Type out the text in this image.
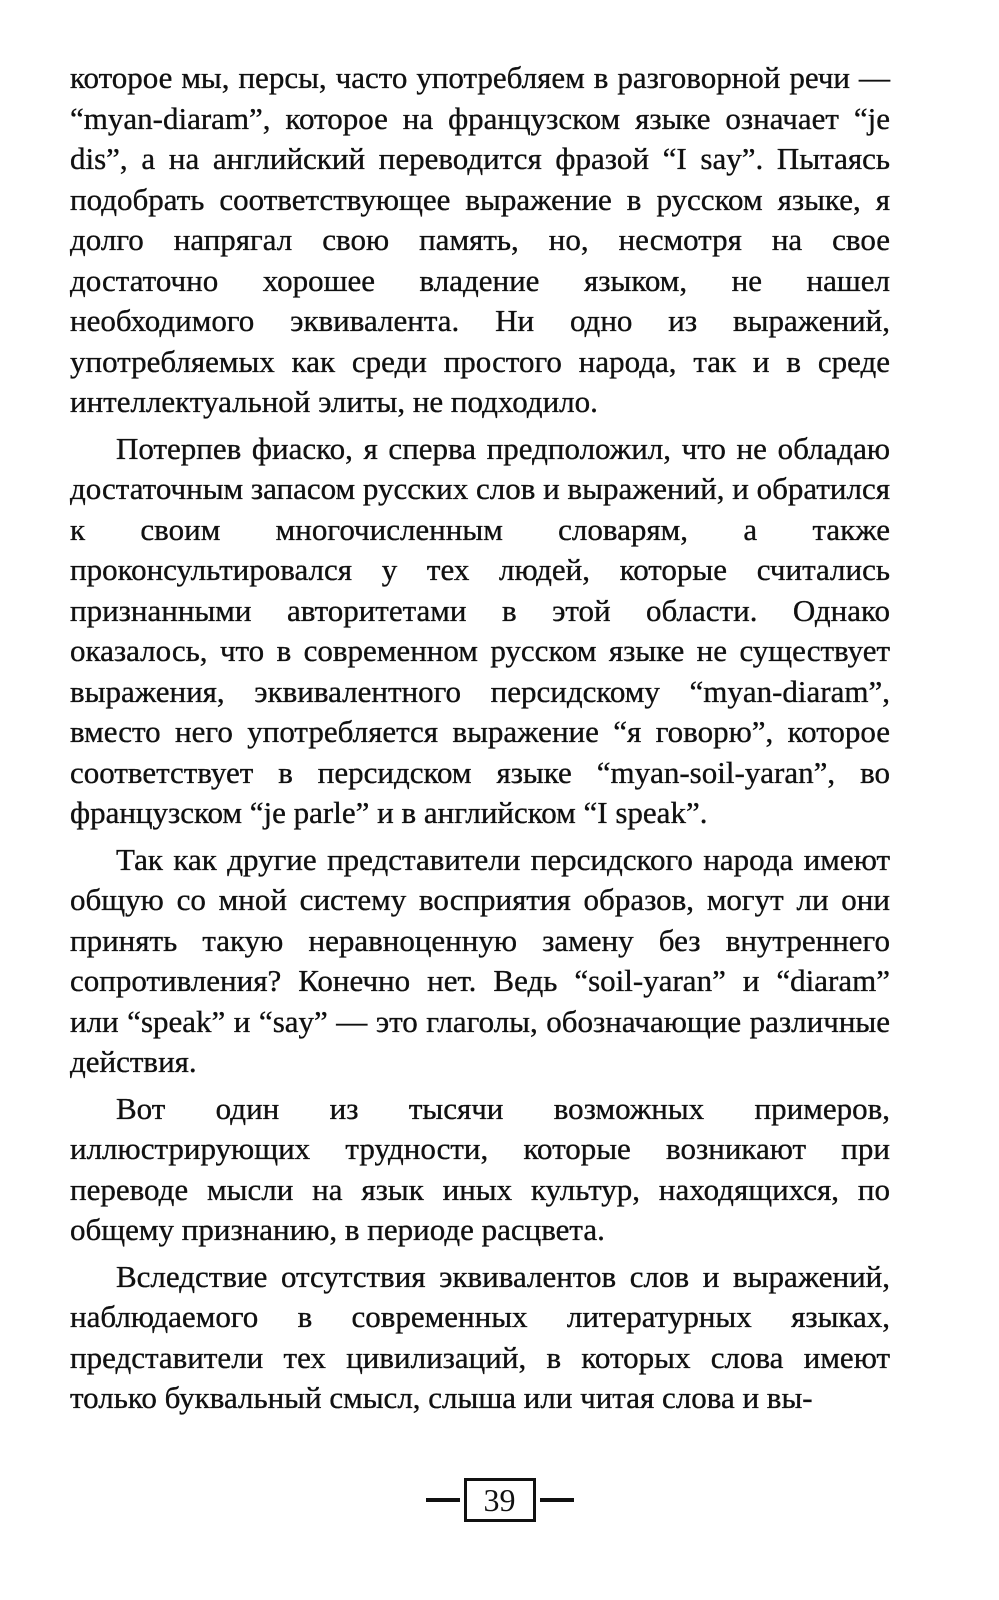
которое мы, персы, часто употребляем в разговорной речи — “myan-diaram”, которое на французском языке означает “je dis”, а на английский переводится фразой “I say”. Пытаясь подобрать соответствующее выражение в русском языке, я долго напрягал свою память, но, несмотря на свое достаточно хорошее владение языком, не нашел необходимого эквивалента. Ни одно из выражений, употребляемых как среди простого народа, так и в среде интеллектуальной элиты, не подходило.

Потерпев фиаско, я сперва предположил, что не обладаю достаточным запасом русских слов и выражений, и обратился к своим многочисленным словарям, а также проконсультировался у тех людей, которые считались признанными авторитетами в этой области. Однако оказалось, что в современном русском языке не существует выражения, эквивалентного персидскому “myan-diaram”, вместо него употребляется выражение “я говорю”, которое соответствует в персидском языке “myan-soil-yaran”, во французском “je parle” и в английском “I speak”.

Так как другие представители персидского народа имеют общую со мной систему восприятия образов, могут ли они принять такую неравноценную замену без внутреннего сопротивления? Конечно нет. Ведь “soil-yaran” и “diaram” или “speak” и “say” — это глаголы, обозначающие различные действия.

Вот один из тысячи возможных примеров, иллюстрирующих трудности, которые возникают при переводе мысли на язык иных культур, находящихся, по общему признанию, в периоде расцвета.

Вследствие отсутствия эквивалентов слов и выражений, наблюдаемого в современных литературных языках, представители тех цивилизаций, в которых слова имеют только буквальный смысл, слыша или читая слова и вы-

39
